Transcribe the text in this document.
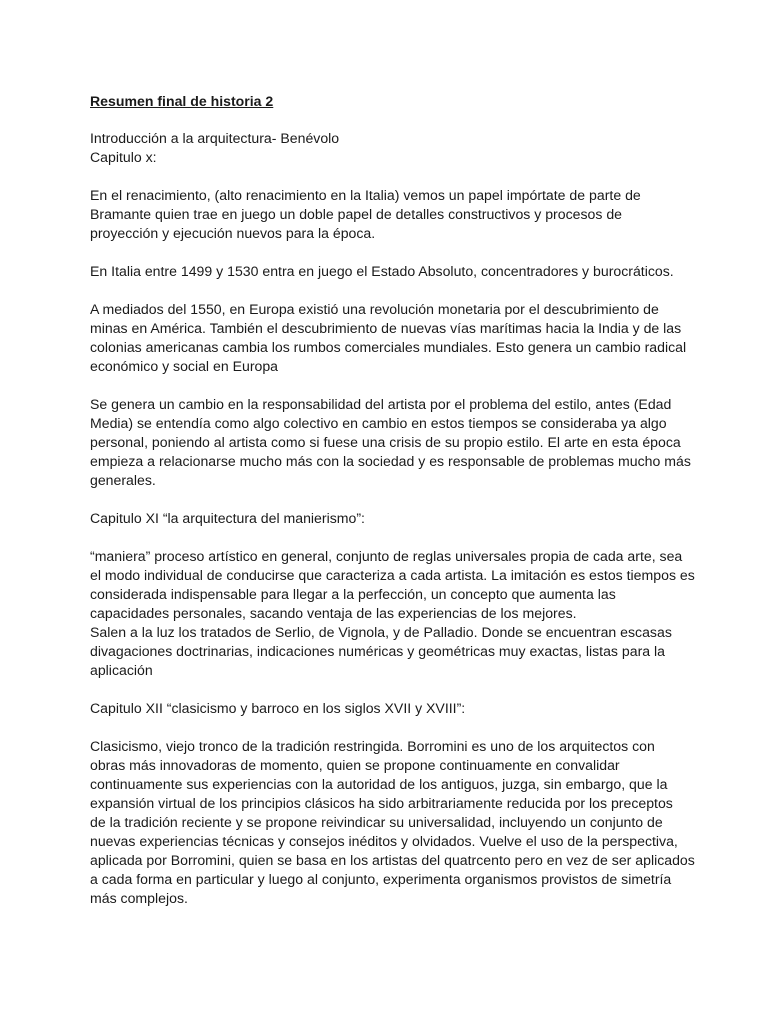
Resumen final de historia 2
Introducción a la arquitectura- Benévolo
Capitulo x:
En el renacimiento, (alto renacimiento en la Italia) vemos un papel impórtate de parte de
Bramante quien trae en juego un doble papel de detalles constructivos y procesos de
proyección y ejecución nuevos para la época.
En Italia entre 1499 y 1530 entra en juego el Estado Absoluto, concentradores y burocráticos.
A mediados del 1550, en Europa existió una revolución monetaria por el descubrimiento de
minas en América. También el descubrimiento de nuevas vías marítimas hacia la India y de las
colonias americanas cambia los rumbos comerciales mundiales. Esto genera un cambio radical
económico y social en Europa
Se genera un cambio en la responsabilidad del artista por el problema del estilo, antes (Edad
Media) se entendía como algo colectivo en cambio en estos tiempos se consideraba ya algo
personal, poniendo al artista como si fuese una crisis de su propio estilo. El arte en esta época
empieza a relacionarse mucho más con la sociedad y es responsable de problemas mucho más
generales.
Capitulo XI “la arquitectura del manierismo”:
“maniera” proceso artístico en general, conjunto de reglas universales propia de cada arte, sea
el modo individual de conducirse que caracteriza a cada artista. La imitación es estos tiempos es
considerada indispensable para llegar a la perfección, un concepto que aumenta las
capacidades personales, sacando ventaja de las experiencias de los mejores.
Salen a la luz los tratados de Serlio, de Vignola, y de Palladio. Donde se encuentran escasas
divagaciones doctrinarias, indicaciones numéricas y geométricas muy exactas, listas para la
aplicación
Capitulo XII “clasicismo y barroco en los siglos XVII y XVIII”:
Clasicismo, viejo tronco de la tradición restringida. Borromini es uno de los arquitectos con
obras más innovadoras de momento, quien se propone continuamente en convalidar
continuamente sus experiencias con la autoridad de los antiguos, juzga, sin embargo, que la
expansión virtual de los principios clásicos ha sido arbitrariamente reducida por los preceptos
de la tradición reciente y se propone reivindicar su universalidad, incluyendo un conjunto de
nuevas experiencias técnicas y consejos inéditos y olvidados. Vuelve el uso de la perspectiva,
aplicada por Borromini, quien se basa en los artistas del quatrcento pero en vez de ser aplicados
a cada forma en particular y luego al conjunto, experimenta organismos provistos de simetría
más complejos.
